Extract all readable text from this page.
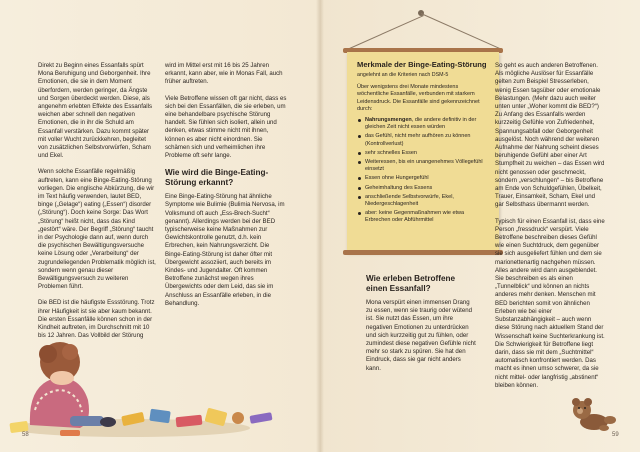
Direkt zu Beginn eines Essanfalls spürt Mona Beruhigung und Geborgenheit. Ihre Emotionen, die sie in dem Moment überfordern, werden geringer, da Ängste und Sorgen überdeckt werden. Diese, als angenehm erlebten Effekte des Essanfalls weichen aber schnell den negativen Emotionen, die in ihr die Schuld am Essanfall verstärken. Dazu kommt später mit voller Wucht zurückkehren, begleitet von zusätzlichen Selbstvorwürfen, Scham und Ekel.

Wenn solche Essanfälle regelmäßig auftreten, kann eine Binge-Eating-Störung vorliegen. Die englische Abkürzung, die wir im Text häufig verwenden, lautet BED, binge („Gelage“) eating („Essen“) disorder („Störung“). Doch keine Sorge: Das Wort „Störung“ heißt nicht, dass das Kind „gestört“ wäre. Der Begriff „Störung“ taucht in der Psychologie dann auf, wenn durch die psychischen Bewältigungsversuche keine Lösung oder „Verarbeitung“ der zugrundeliegenden Problematik möglich ist, sondern wenn genau dieser Bewältigungsversuch zu weiteren Problemen führt.

Die BED ist die häufigste Essstörung. Trotz ihrer Häufigkeit ist sie aber kaum bekannt. Die ersten Essanfälle können schon in der Kindheit auftreten, im Durchschnitt mit 10 bis 12 Jahren. Das Vollbild der Störung

wird im Mittel erst mit 16 bis 25 Jahren erkannt, kann aber, wie in Monas Fall, auch früher auftreten.

Viele Betroffene wissen oft gar nicht, dass es sich bei den Essanfällen, die sie erleben, um eine behandelbare psychische Störung handelt. Sie fühlen sich isoliert, allein und denken, etwas stimme nicht mit ihnen, können es aber nicht einordnen. Sie schämen sich und verheimlichen ihre Probleme oft sehr lange.

Wie wird die Binge-Eating-Störung erkannt?

Eine Binge-Eating-Störung hat ähnliche Symptome wie Bulimie (Bulimia Nervosa, im Volksmund oft auch „Ess-Brech-Sucht“ genannt). Allerdings werden bei der BED typischerweise keine Maßnahmen zur Gewichtskontrolle genutzt, d.h. kein Erbrechen, kein Nahrungsverzicht. Die Binge-Eating-Störung ist daher öfter mit Übergewicht assoziiert, auch bereits im Kindes- und Jugendalter. Oft kommen Betroffene zunächst wegen ihres Übergewichts oder dem Leid, das sie im Anschluss an Essanfälle erleben, in die Behandlung.

58
Merkmale der Binge-Eating-Störung
angelehnt an die Kriterien nach DSM-5
Über wenigstens drei Monate mindestens wöchentliche Essanfälle, verbunden mit starkem Leidensdruck. Die Essanfälle sind gekennzeichnet durch:
Nahrungsmengen, die andere definitiv in der gleichen Zeit nicht essen würden
das Gefühl, nicht mehr aufhören zu können (Kontrollverlust)
sehr schnelles Essen
Weiteressen, bis ein unangenehmes Völlegefühl einsetzt
Essen ohne Hungergefühl
Geheimhaltung des Essens
anschließende Selbstvorwürfe, Ekel, Niedergeschlagenheit
aber: keine Gegenmaßnahmen wie etwa Erbrechen oder Abführmittel
Wie erleben Betroffene einen Essanfall?

Mona verspürt einen immensen Drang zu essen, wenn sie traurig oder wütend ist. Sie nutzt das Essen, um ihre negativen Emotionen zu unterdrücken und sich kurzzeitig gut zu fühlen, oder zumindest diese negativen Gefühle nicht mehr so stark zu spüren. Sie hat den Eindruck, dass sie gar nicht anders kann.

So geht es auch anderen Betroffenen. Als mögliche Auslöser für Essanfälle gelten zum Beispiel Stresserleben, wenig Essen tagsüber oder emotionale Belastungen. (Mehr dazu auch weiter unten unter „Woher kommt die BED?“) Zu Anfang des Essanfalls werden kurzzeitig Gefühle von Zufriedenheit, Spannungsabfall oder Geborgenheit ausgelöst. Noch während der weiteren Aufnahme der Nahrung scheint dieses beruhigende Gefühl aber einer Art Stumpfheit zu weichen – das Essen wird nicht genossen oder geschmeckt, sondern „verschlungen“ – bis Betroffene am Ende von Schuldgefühlen, Übelkeit, Trauer, Einsamkeit, Scham, Ekel und gar Selbsthass übermannt werden.

Typisch für einen Essanfall ist, dass eine Person „fressdruck“ verspürt. Viele Betroffene beschreiben dieses Gefühl wie einen Suchtdruck, dem gegenüber sie sich ausgeliefert fühlen und dem sie marionettenartig nachgehen müssen. Alles andere wird dann ausgeblendet. Sie beschreiben es als einen „Tunnelblick“ und können an nichts anderes mehr denken. Menschen mit BED berichten somit von ähnlichen Erleben wie bei einer Substanzabhängigkeit – auch wenn diese Störung nach aktuellem Stand der Wissenschaft keine Suchterkrankung ist. Die Schwierigkeit für Betroffene liegt darin, dass sie mit dem „Suchtmittel“ automatisch konfrontiert werden. Das macht es ihnen umso schwerer, da sie nicht mittel- oder langfristig „abstinent“ bleiben können.

59
